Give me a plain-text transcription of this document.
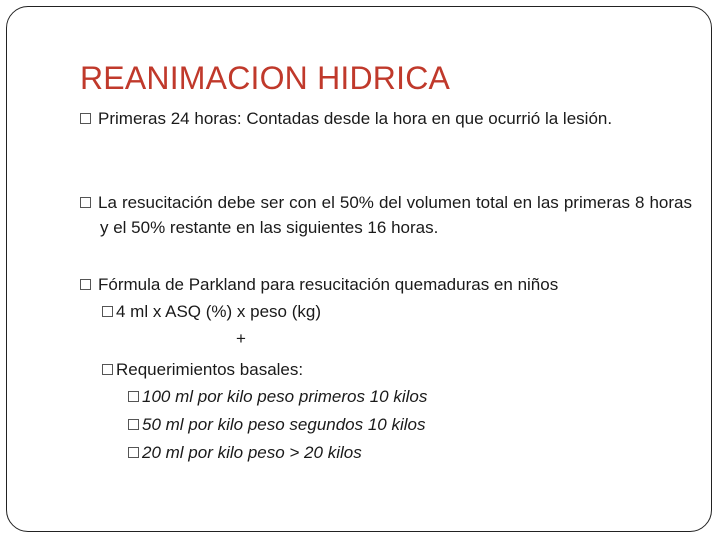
REANIMACION HIDRICA
Primeras 24 horas: Contadas desde la hora en que ocurrió la lesión.
La resucitación debe ser con el 50% del volumen total en las primeras 8 horas y el 50% restante en las siguientes 16 horas.
Fórmula de Parkland para resucitación quemaduras en niños
4 ml x ASQ (%) x peso (kg)
+
Requerimientos basales:
100 ml por kilo peso primeros 10 kilos
50 ml por kilo peso segundos 10 kilos
20 ml por kilo peso > 20 kilos
